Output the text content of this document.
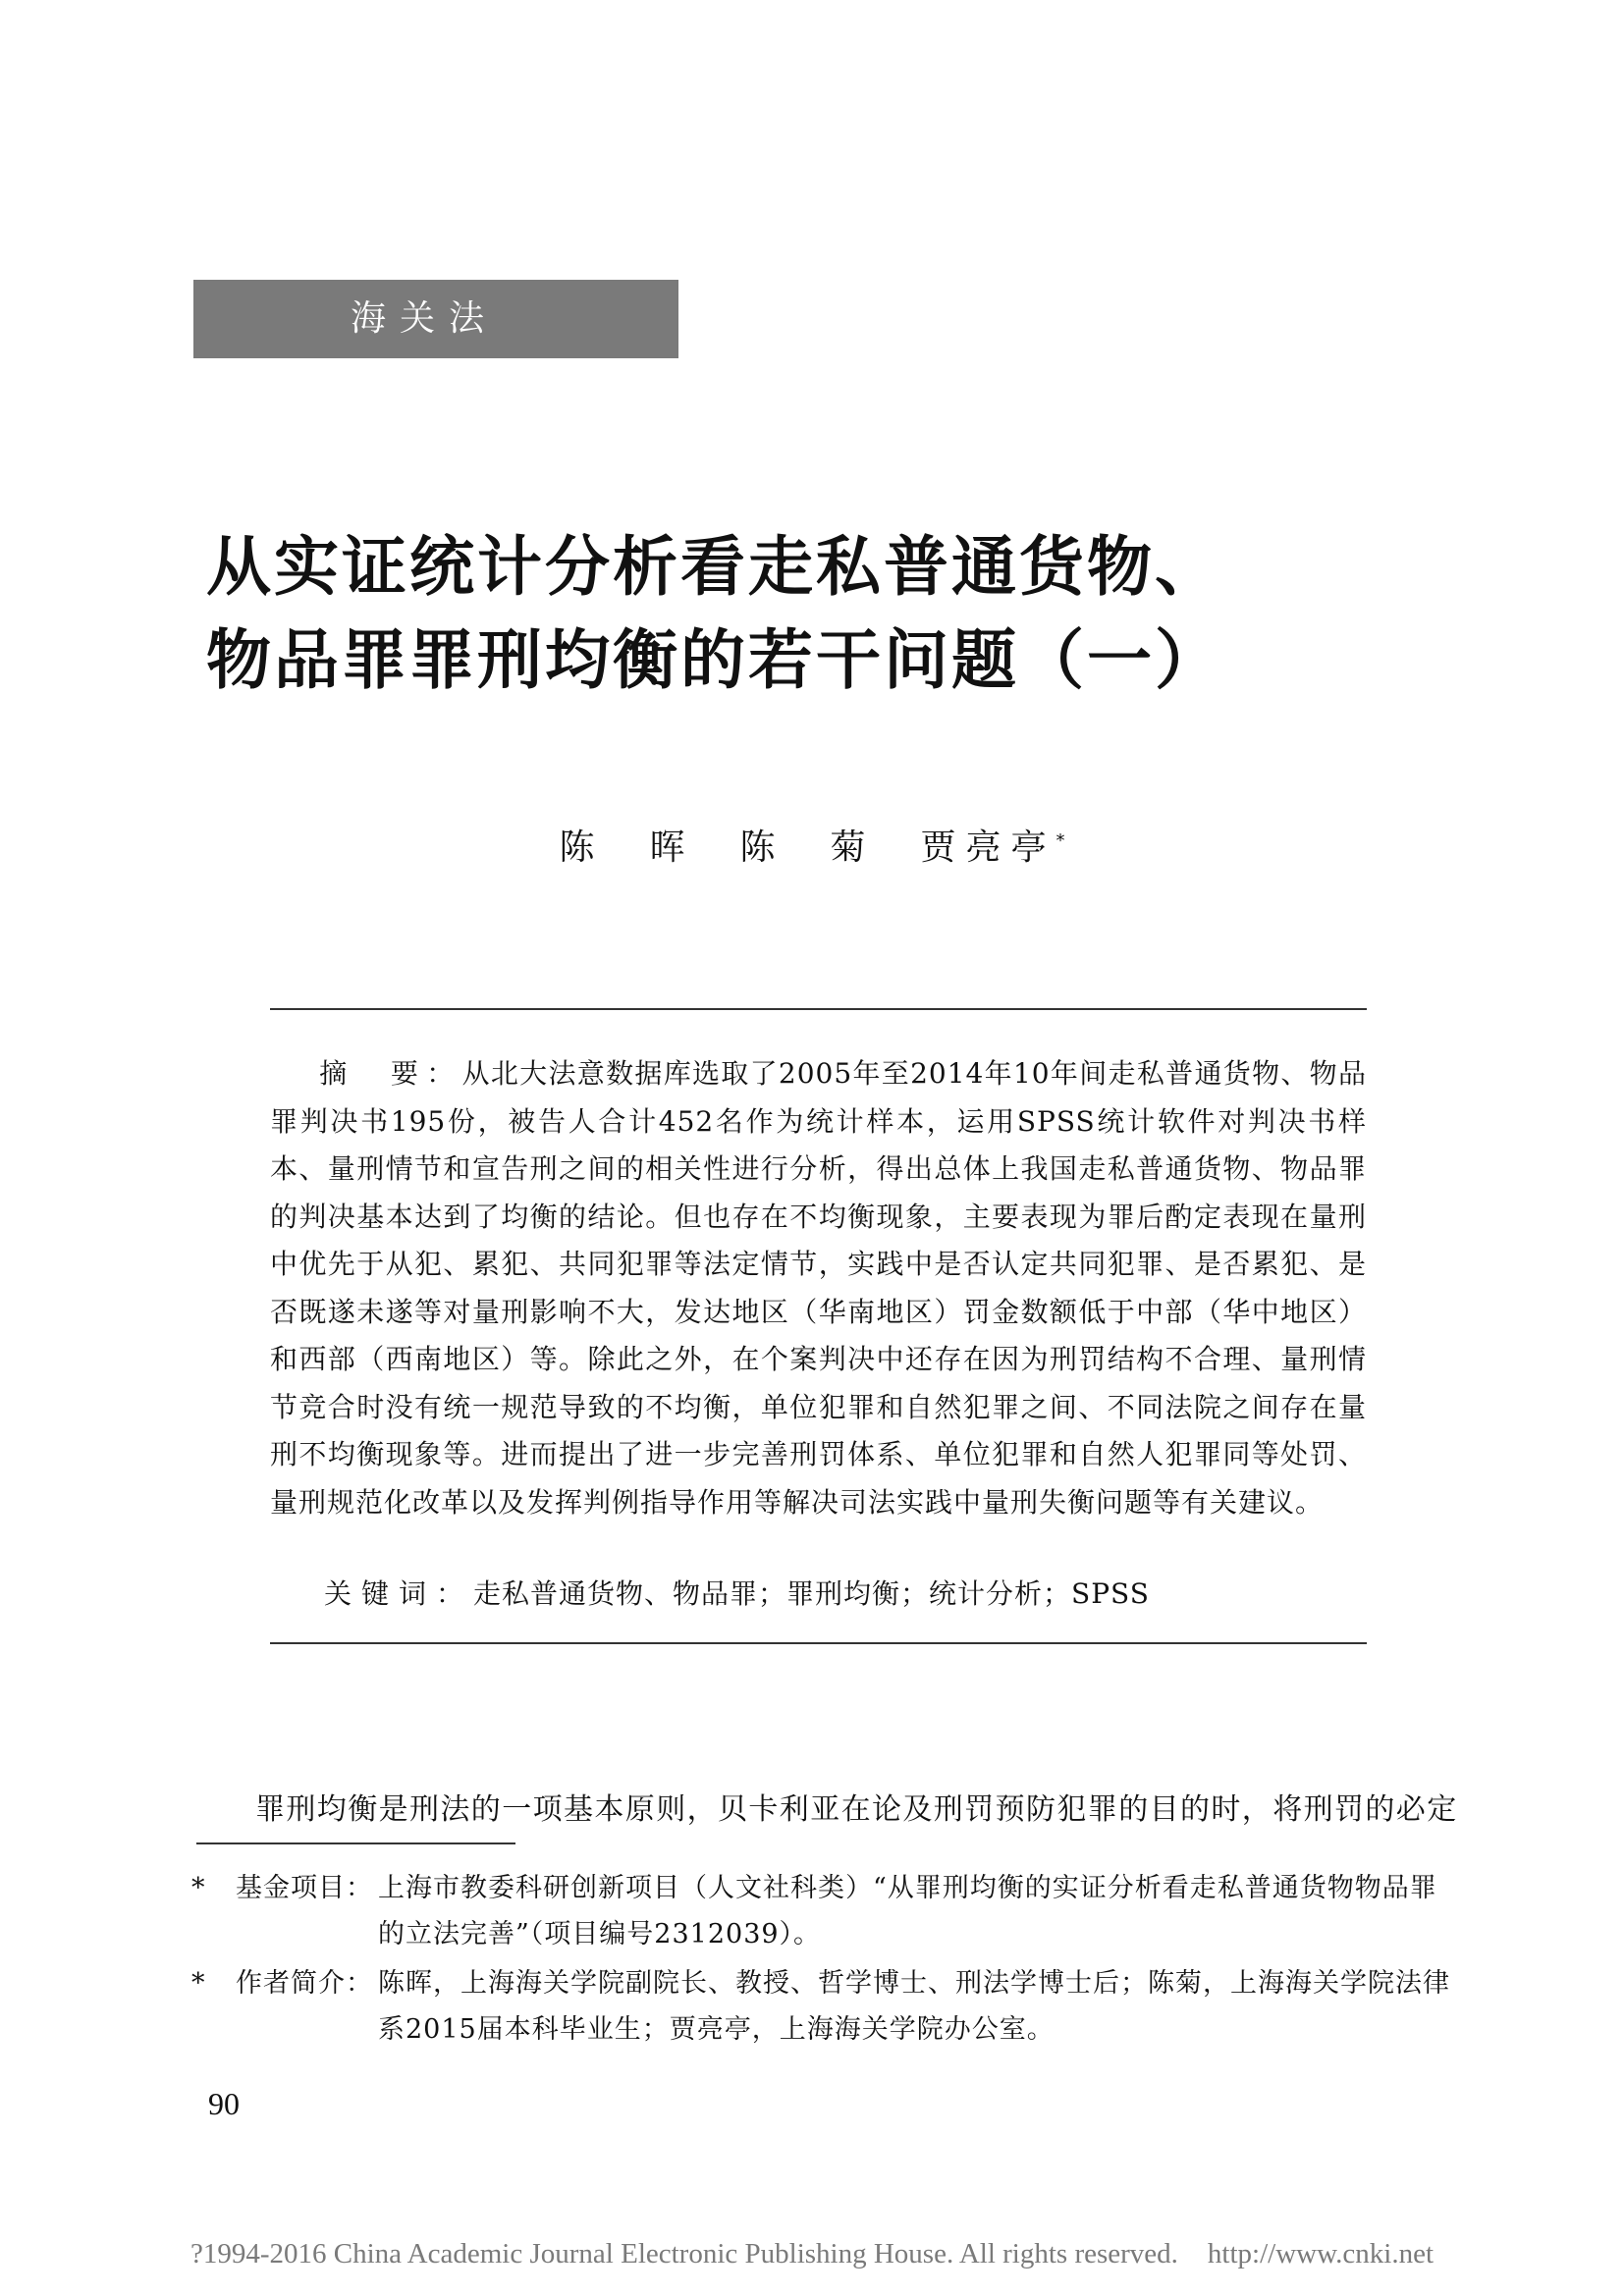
海关法
从实证统计分析看走私普通货物、
物品罪罪刑均衡的若干问题（一）
陈　晖　陈　菊　贾亮亭*
摘　要：从北大法意数据库选取了2005年至2014年10年间走私普通货物、物品罪判决书195份，被告人合计452名作为统计样本，运用SPSS统计软件对判决书样本、量刑情节和宣告刑之间的相关性进行分析，得出总体上我国走私普通货物、物品罪的判决基本达到了均衡的结论。但也存在不均衡现象，主要表现为罪后酌定表现在量刑中优先于从犯、累犯、共同犯罪等法定情节，实践中是否认定共同犯罪、是否累犯、是否既遂未遂等对量刑影响不大，发达地区（华南地区）罚金数额低于中部（华中地区）和西部（西南地区）等。除此之外，在个案判决中还存在因为刑罚结构不合理、量刑情节竞合时没有统一规范导致的不均衡，单位犯罪和自然犯罪之间、不同法院之间存在量刑不均衡现象等。进而提出了进一步完善刑罚体系、单位犯罪和自然人犯罪同等处罚、量刑规范化改革以及发挥判例指导作用等解决司法实践中量刑失衡问题等有关建议。
关键词：走私普通货物、物品罪；罪刑均衡；统计分析；SPSS
罪刑均衡是刑法的一项基本原则，贝卡利亚在论及刑罚预防犯罪的目的时，将刑罚的必定
* 基金项目： 上海市教委科研创新项目（人文社科类）“从罪刑均衡的实证分析看走私普通货物物品罪的立法完善”（项目编号2312039）。
* 作者简介： 陈晖，上海海关学院副院长、教授、哲学博士、刑法学博士后；陈菊，上海海关学院法律系2015届本科毕业生；贾亮亭，上海海关学院办公室。
90
?1994-2016 China Academic Journal Electronic Publishing House. All rights reserved. http://www.cnki.net
